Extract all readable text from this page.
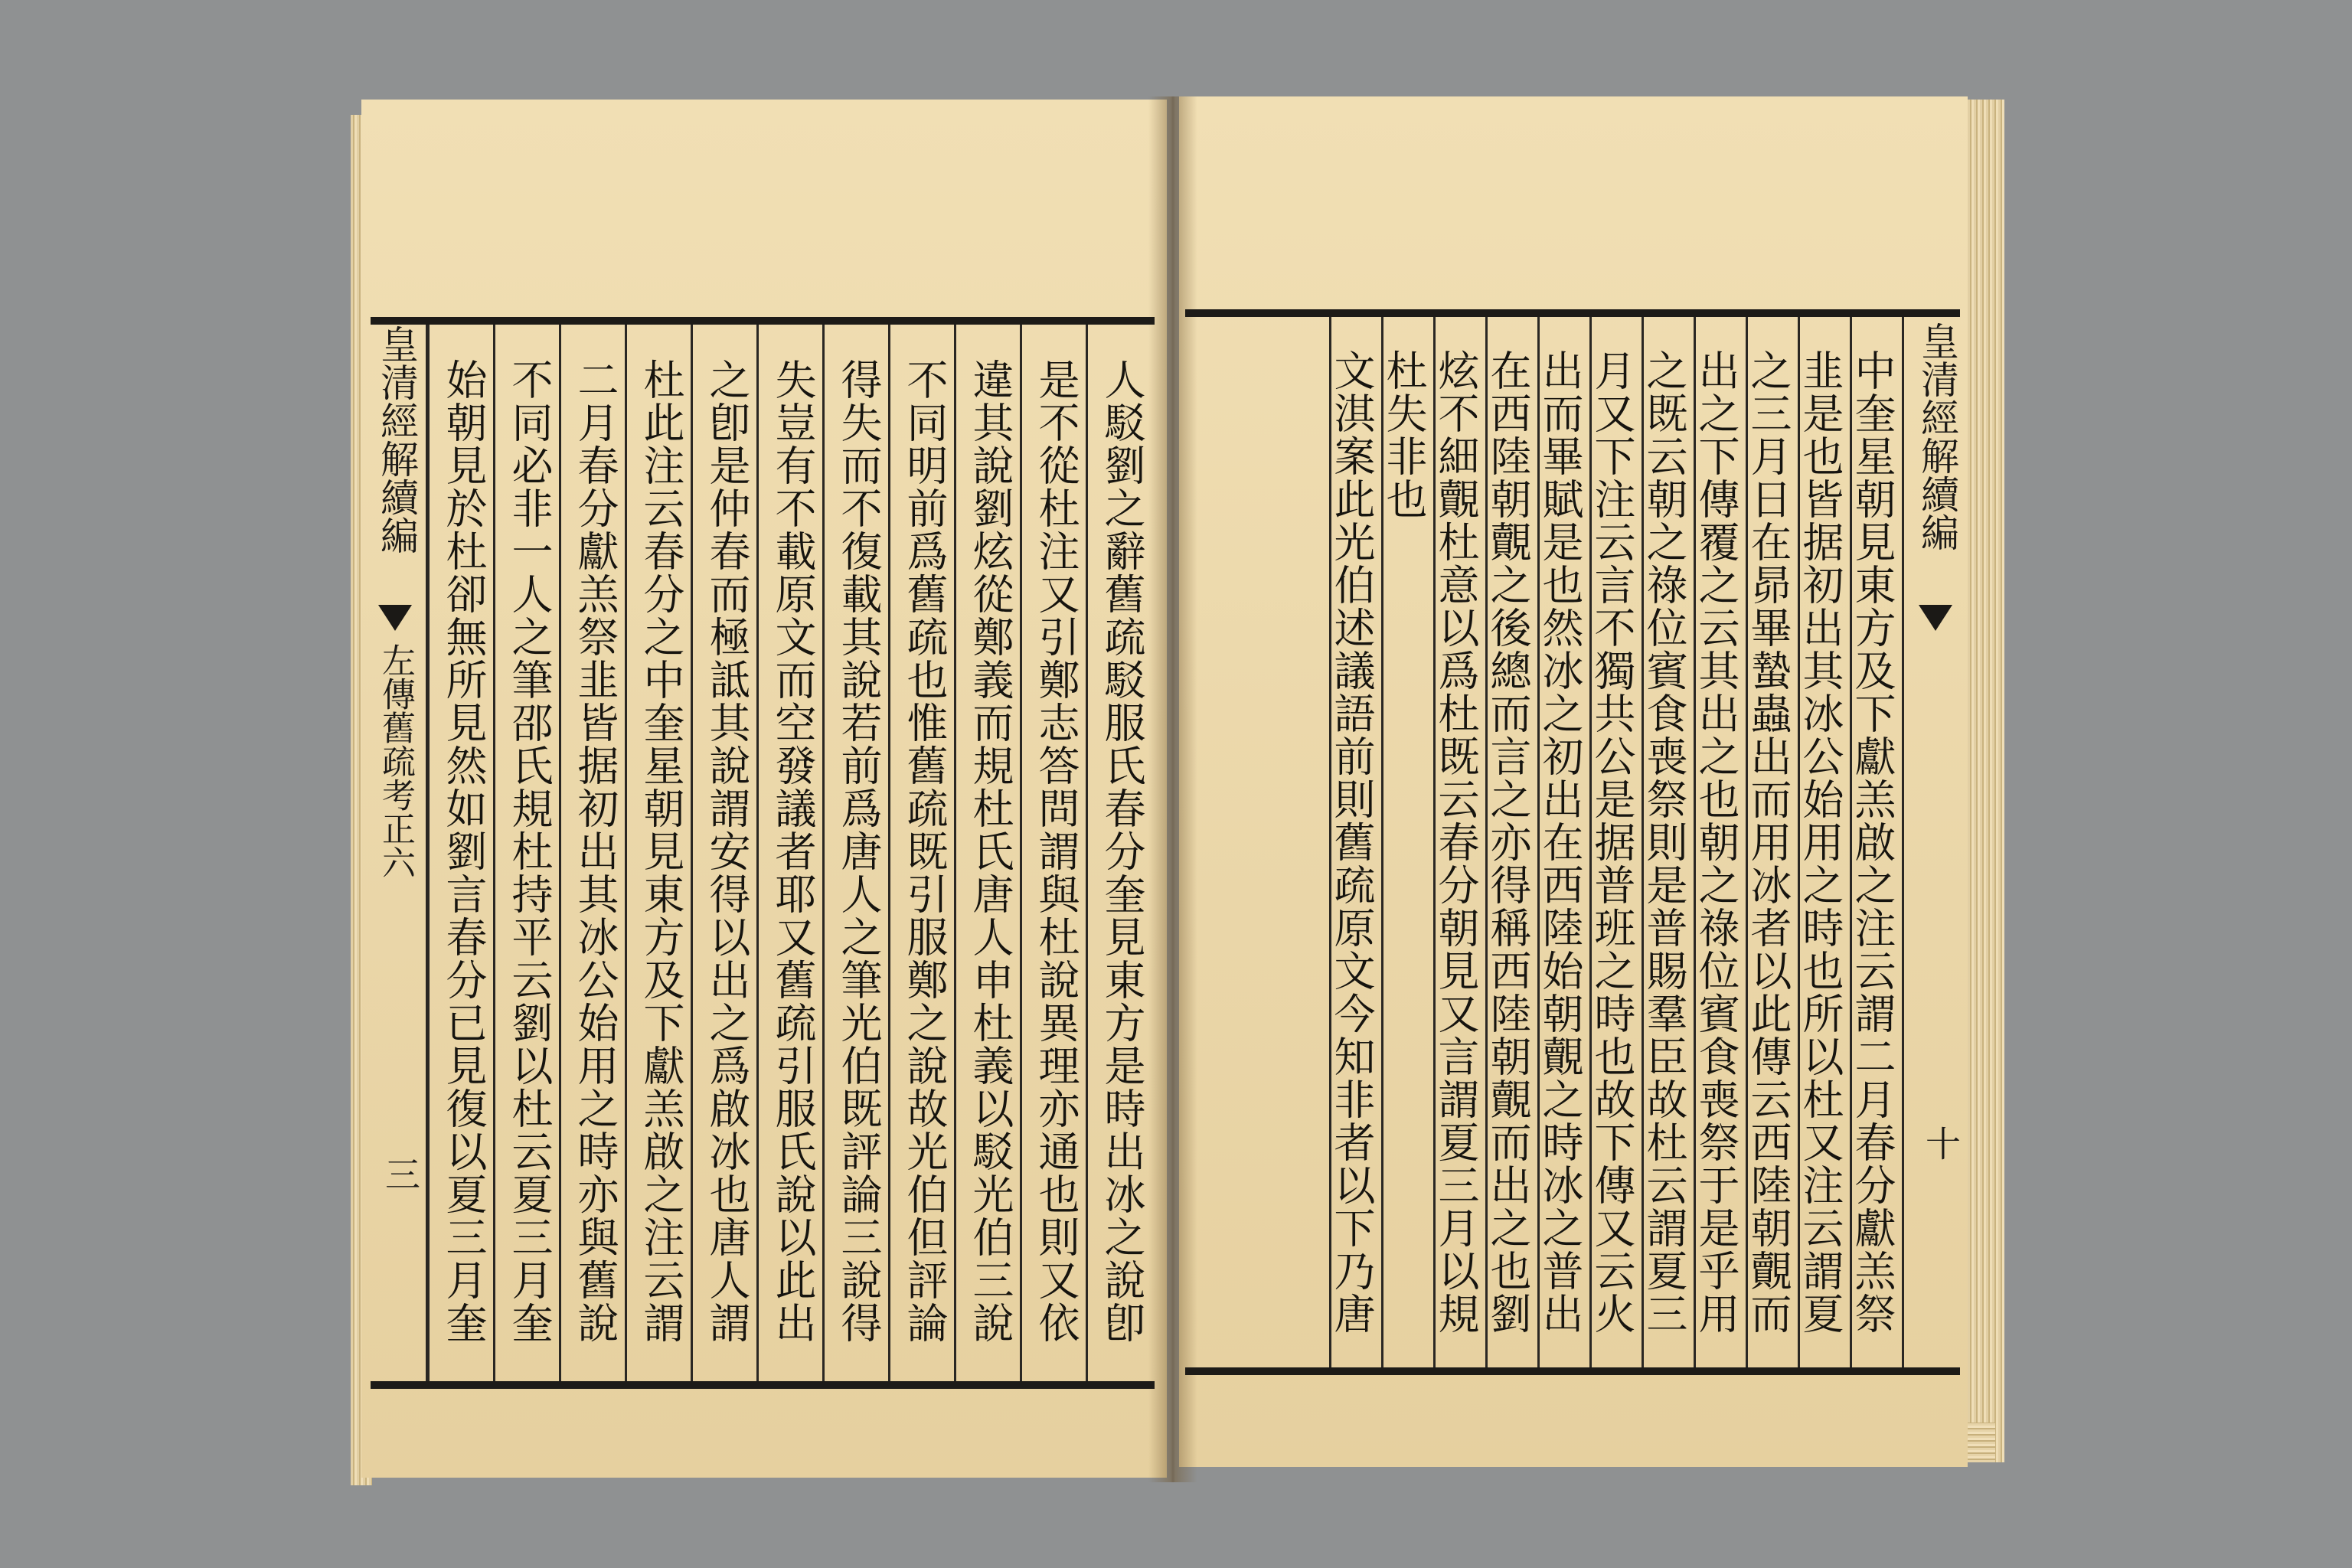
皇清經解續編
十
中奎星朝見東方及下獻羔啟之注云謂二月春分獻羔祭
韭是也皆据初出其冰公始用之時也所以杜又注云謂夏
之三月日在昴畢蟄蟲出而用冰者以此傳云西陸朝覿而
出之下傳覆之云其出之也朝之祿位賓食喪祭于是乎用
之既云朝之祿位賓食喪祭則是普賜羣臣故杜云謂夏三
月又下注云言不獨共公是据普班之時也故下傳又云火
出而畢賦是也然冰之初出在西陸始朝覿之時冰之普出
在西陸朝覿之後總而言之亦得稱西陸朝覿而出之也劉
炫不細覿杜意以爲杜既云春分朝見又言謂夏三月以規
杜失非也
文淇案此光伯述議語前則舊疏原文今知非者以下乃唐
皇清經解續編
左傳舊疏考正六
三	人駁劉之辭舊疏駁服氏春分奎見東方是時出冰之說卽
是不從杜注又引鄭志答問謂與杜說異理亦通也則又依
違其說劉炫從鄭義而規杜氏唐人申杜義以駁光伯三說
不同明前爲舊疏也惟舊疏既引服鄭之說故光伯但評論
得失而不復載其說若前爲唐人之筆光伯既評論三說得
失豈有不載原文而空發議者耶又舊疏引服氏說以此出
之卽是仲春而極詆其說謂安得以出之爲啟冰也唐人謂
杜此注云春分之中奎星朝見東方及下獻羔啟之注云謂
二月春分獻羔祭韭皆据初出其冰公始用之時亦與舊說
不同必非一人之筆邵氏規杜持平云劉以杜云夏三月奎
始朝見於杜卻無所見然如劉言春分已見復以夏三月奎
